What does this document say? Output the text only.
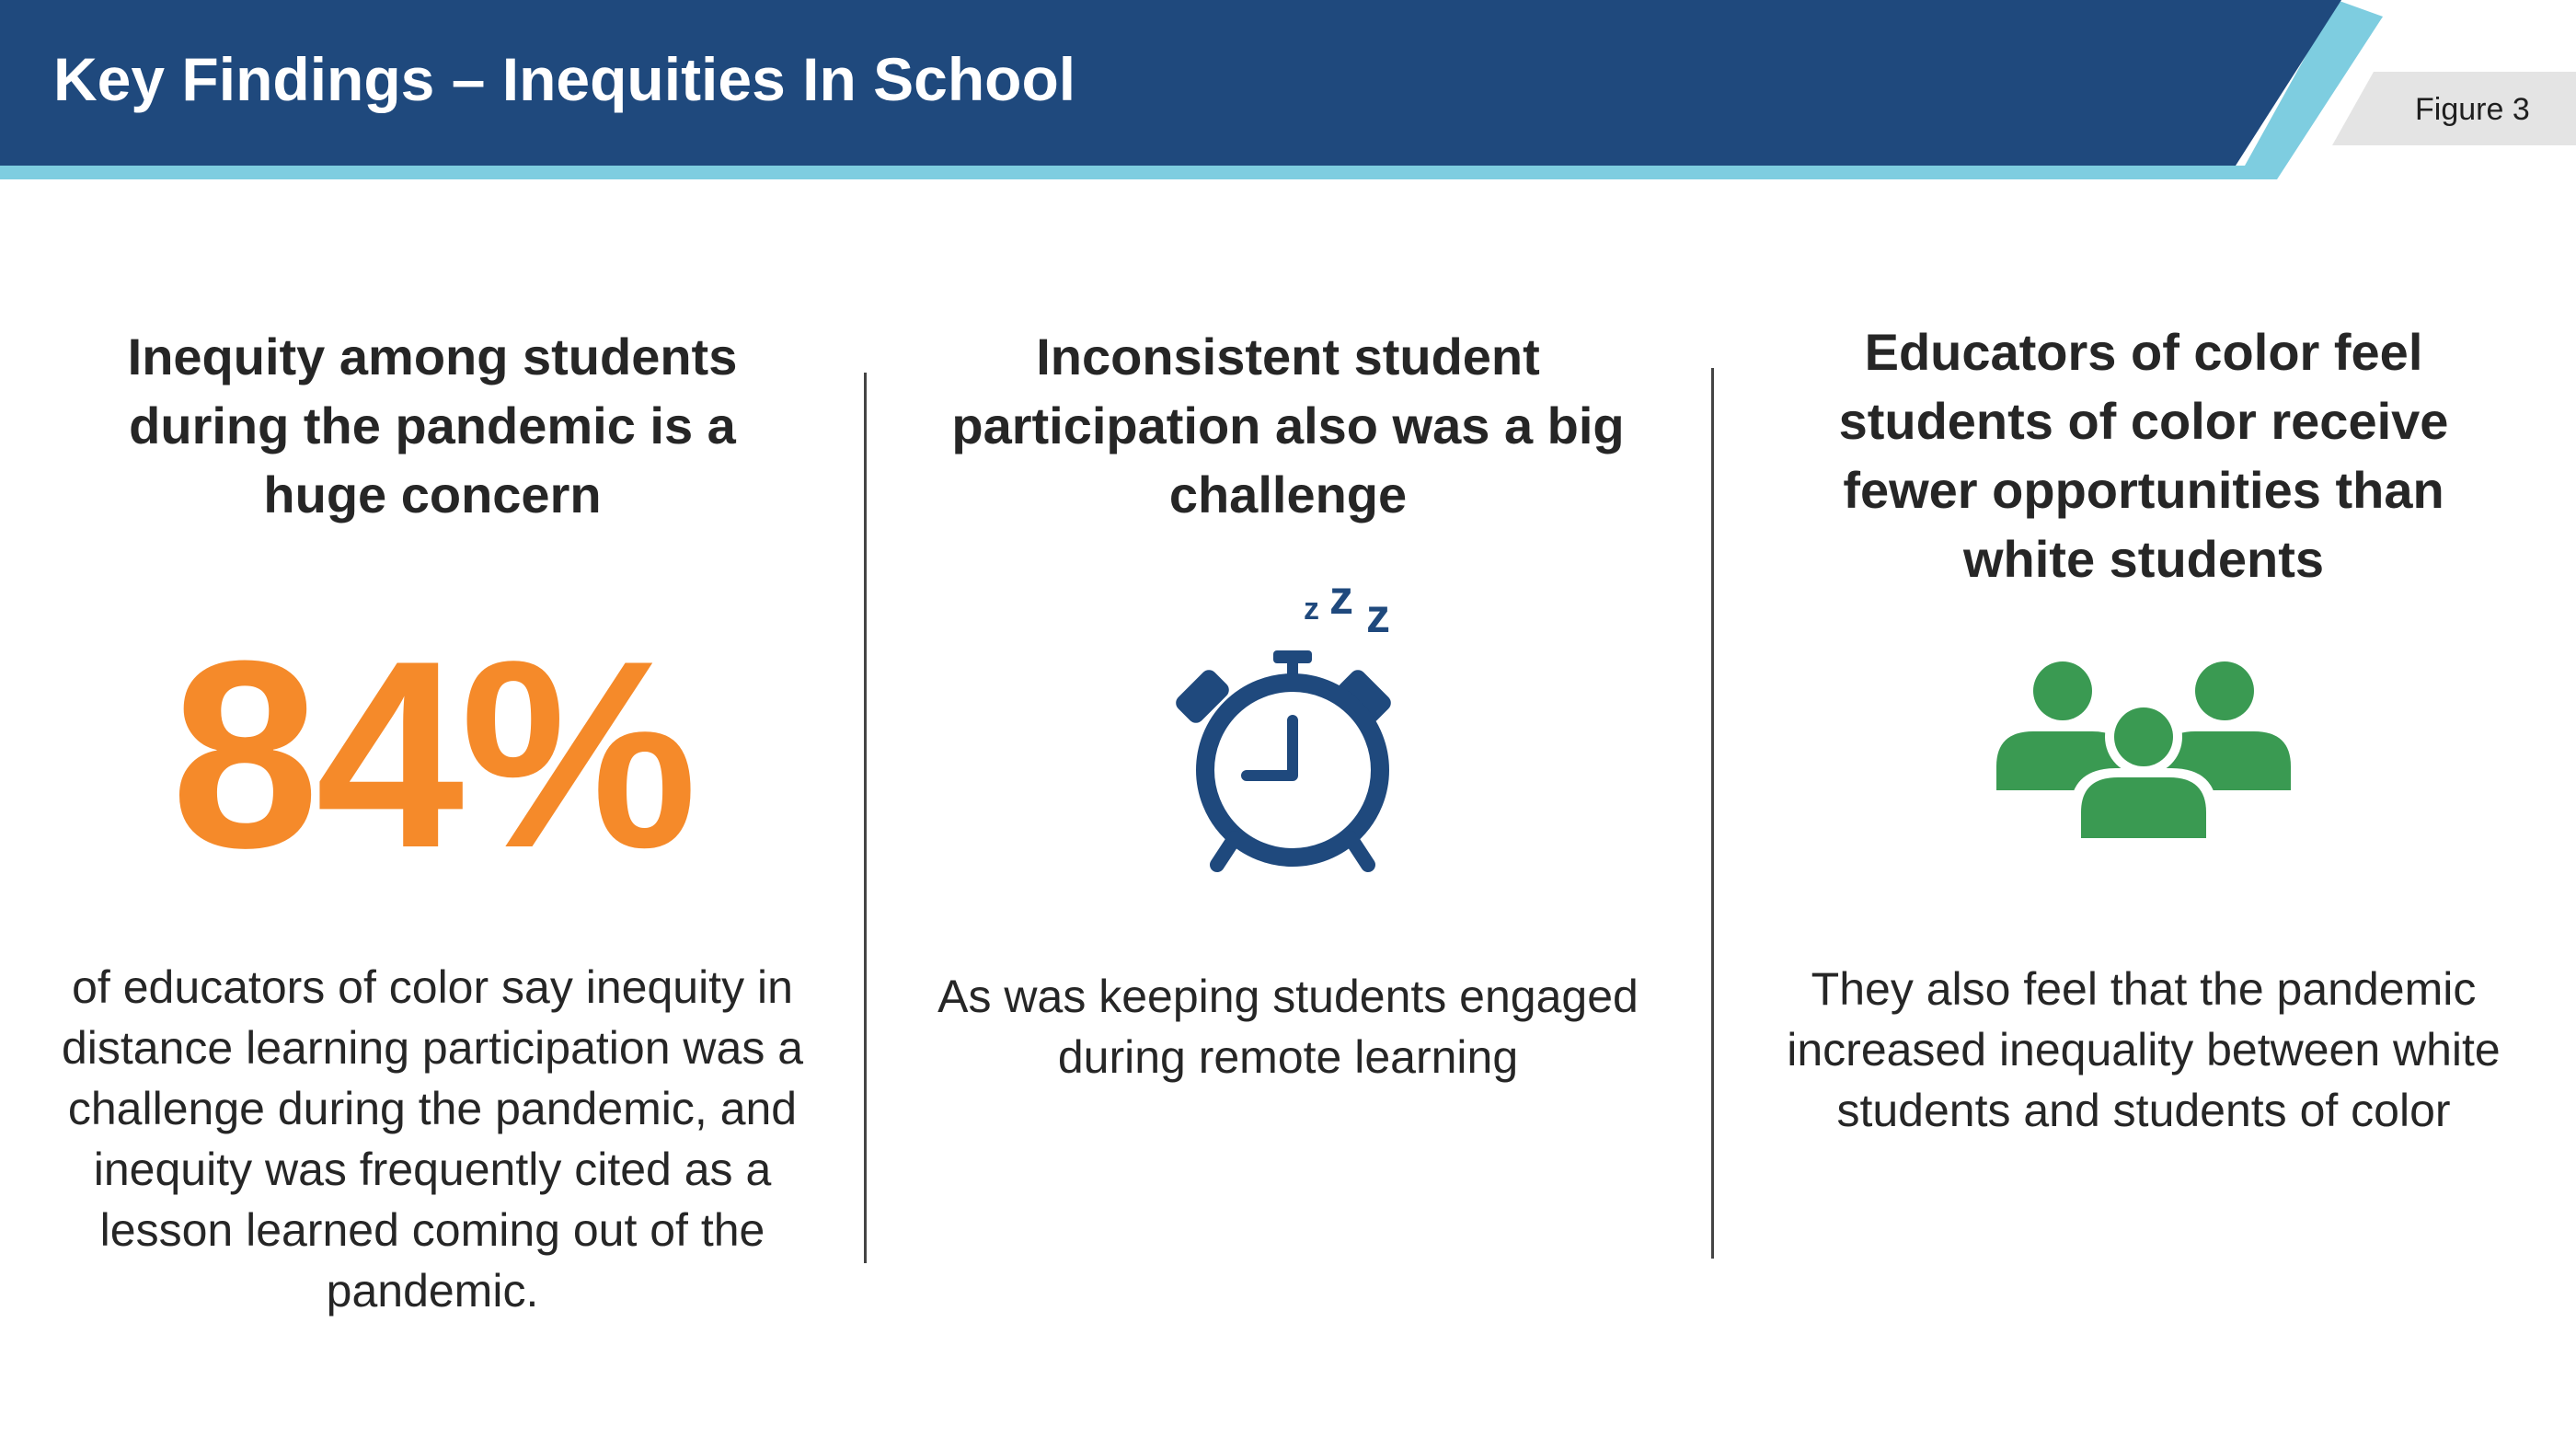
Key Findings – Inequities In School	Figure 3
Inequity among students during the pandemic is a huge concern
84%

of educators of color say inequity in distance learning participation was a challenge during the pandemic, and inequity was frequently cited as a lesson learned coming out of the pandemic.

Inconsistent student participation also was a big challenge

As was keeping students engaged during remote learning

z z z
Educators of color feel students of color receive fewer opportunities than white students

They also feel that the pandemic increased inequality between white students and students of color
